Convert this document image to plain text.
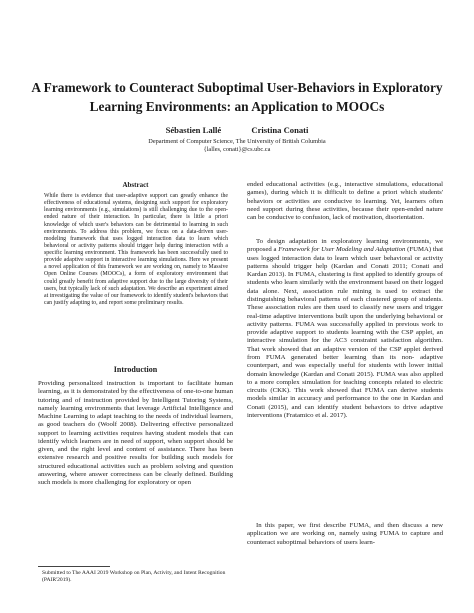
A Framework to Counteract Suboptimal User-Behaviors in Exploratory
Learning Environments: an Application to MOOCs

Sébastien Lallé	Cristina Conati

Department of Computer Science, The University of British Columbia
{lalles, conati}@cs.ubc.ca

Abstract

While there is evidence that user-adaptive support can greatly enhance the effectiveness of educational systems, designing such support for exploratory learning environments (e.g., simulations) is still challenging due to the open-ended nature of their interaction. In particular, there is little a priori knowledge of which user's behaviors can be detrimental to learning in such environments. To address this problem, we focus on a data-driven user-modeling framework that uses logged interaction data to learn which behavioral or activity patterns should trigger help during interaction with a specific learning environment. This framework has been successfully used to provide adaptive support in interactive learning simulations. Here we present a novel application of this framework we are working on, namely to Massive Open Online Courses (MOOCs), a form of exploratory environment that could greatly benefit from adaptive support due to the large diversity of their users, but typically lack of such adaptation. We describe an experiment aimed at investigating the value of our framework to identify student's behaviors that can justify adapting to, and report some preliminary results.

Introduction

Providing personalized instruction is important to facilitate human learning, as it is demonstrated by the effectiveness of one-to-one human tutoring and of instruction provided by Intelligent Tutoring Systems, namely learning environments that leverage Artificial Intelligence and Machine Learning to adapt teaching to the needs of individual learners, as good teachers do (Woolf 2008). Delivering effective personalized support to learning activities requires having student models that can identify which learners are in need of support, when support should be given, and the right level and content of assistance. There has been extensive research and positive results for building such models for structured educational activities such as problem solving and question answering, where answer correctness can be clearly defined. Building such models is more challenging for exploratory or open

ended educational activities (e.g., interactive simulations, educational games), during which it is difficult to define a priori which students' behaviors or activities are conducive to learning. Yet, learners often need support during these activities, because their open-ended nature can be conducive to confusion, lack of motivation, disorientation.

To design adaptation in exploratory learning environments, we proposed a Framework for User Modeling and Adaptation (FUMA) that uses logged interaction data to learn which user behavioral or activity patterns should trigger help (Kardan and Conati 2011; Conati and Kardan 2013). In FUMA, clustering is first applied to identify groups of students who learn similarly with the environment based on their logged data alone. Next, association rule mining is used to extract the distinguishing behavioral patterns of each clustered group of students. These association rules are then used to classify new users and trigger real-time adaptive interventions built upon the underlying behavioral or activity patterns. FUMA was successfully applied in previous work to provide adaptive support to students learning with the CSP applet, an interactive simulation for the AC3 constraint satisfaction algorithm. That work showed that an adaptive version of the CSP applet derived from FUMA generated better learning than its non- adaptive counterpart, and was especially useful for students with lower initial domain knowledge (Kardan and Conati 2015). FUMA was also applied to a more complex simulation for teaching concepts related to electric circuits (CKK). This work showed that FUMA can derive students models similar in accuracy and performance to the one in Kardan and Conati (2015), and can identify student behaviors to drive adaptive interventions (Fratamico et al. 2017).

In this paper, we first describe FUMA, and then discuss a new application we are working on, namely using FUMA to capture and counteract suboptimal behaviors of users learn-

Submitted to The AAAI 2019 Workshop on Plan, Activity, and Intent Recognition (PAIR'2019).
